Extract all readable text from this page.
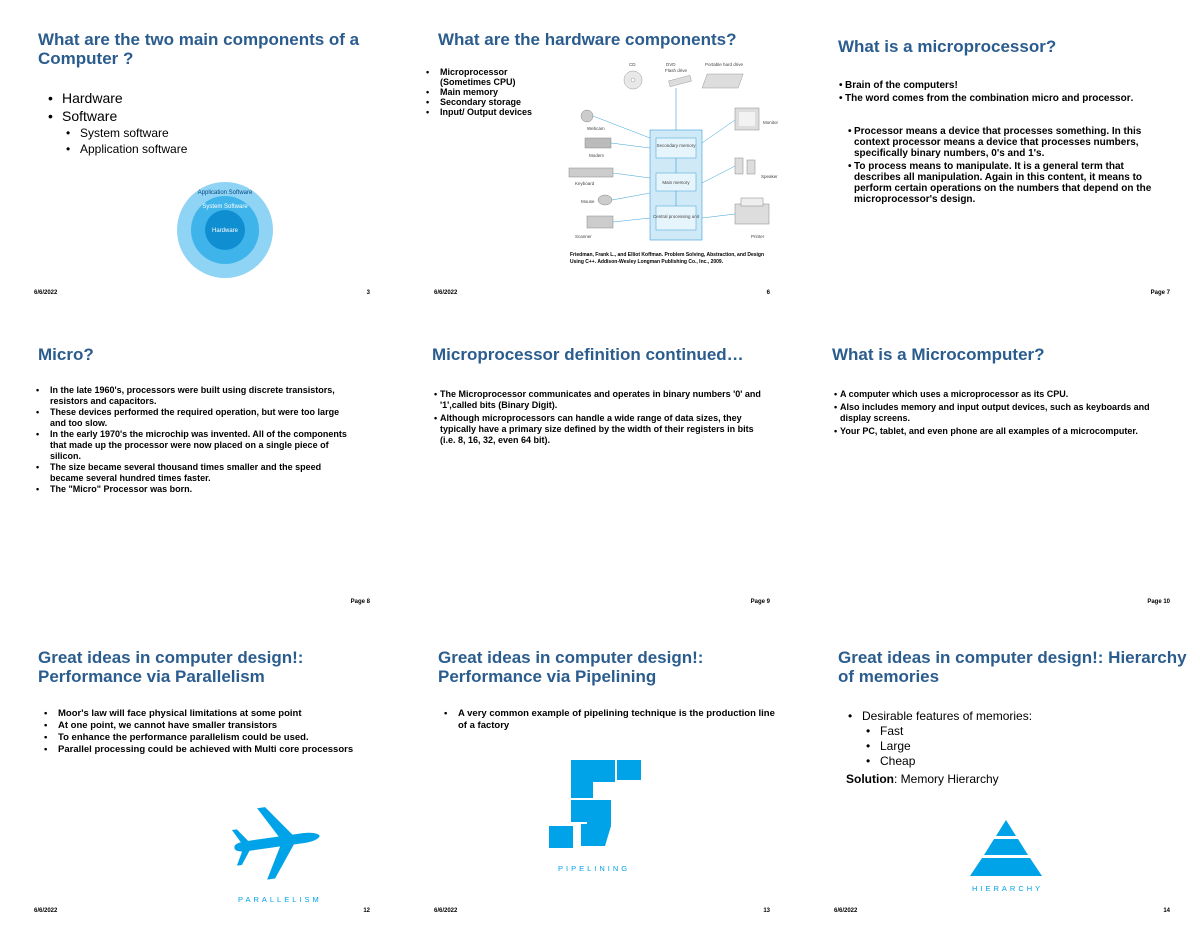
What are the two main components of a Computer ?
• Hardware
• Software
• System software
• Application software
Application Software
System Software
Hardware
6/6/2022	3
What are the hardware components?
• Microprocessor (Sometimes CPU)
• Main memory
• Secondary storage
• Input/ Output devices
CD	DVD
Flash drive
Portable hard drive
Secondary memory
Main memory
Central processing unit
Webcam
Modem
Keyboard
Mouse
Scanner
Monitor
Speaker
Printer
Friedman, Frank L., and Elliot Koffman. Problem Solving, Abstraction, and Design Using C++. Addison-Wesley Longman Publishing Co., Inc., 2009.
6/6/2022	6
What is a microprocessor?
• Brain of the computers!
• The word comes from the combination micro and processor.
• Processor means a device that processes something. In this context processor means a device that processes numbers, specifically binary numbers, 0's and 1's.
• To process means to manipulate. It is a general term that describes all manipulation. Again in this content, it means to perform certain operations on the numbers that depend on the microprocessor's design.
Page 7
Micro?
• In the late 1960's, processors were built using discrete transistors, resistors and capacitors.
• These devices performed the required operation, but were too large and too slow.
• In the early 1970's the microchip was invented. All of the components that made up the processor were now placed on a single piece of silicon.
• The size became several thousand times smaller and the speed became several hundred times faster.
• The "Micro" Processor was born.
Page 8
Microprocessor definition continued…
• The Microprocessor communicates and operates in binary numbers '0' and '1',called bits (Binary Digit).
• Although microprocessors can handle a wide range of data sizes, they typically have a primary size defined by the width of their registers in bits (i.e. 8, 16, 32, even 64 bit).
Page 9
What is a Microcomputer?
• A computer which uses a microprocessor as its CPU.
• Also includes memory and input output devices, such as keyboards and display screens.
• Your PC, tablet, and even phone are all examples of a microcomputer.
Page 10
Great ideas in computer design!: Performance via Parallelism
• Moor's law will face physical limitations at some point
• At one point, we cannot have smaller transistors
• To enhance the performance parallelism could be used.
• Parallel processing could be achieved with Multi core processors
PARALLELISM
6/6/2022	12
Great ideas in computer design!: Performance via Pipelining
• A very common example of pipelining technique is the production line of a factory
PIPELINING
6/6/2022	13
Great ideas in computer design!: Hierarchy of memories
• Desirable features of memories:
• Fast
• Large
• Cheap
Solution: Memory Hierarchy
HIERARCHY
6/6/2022	14
